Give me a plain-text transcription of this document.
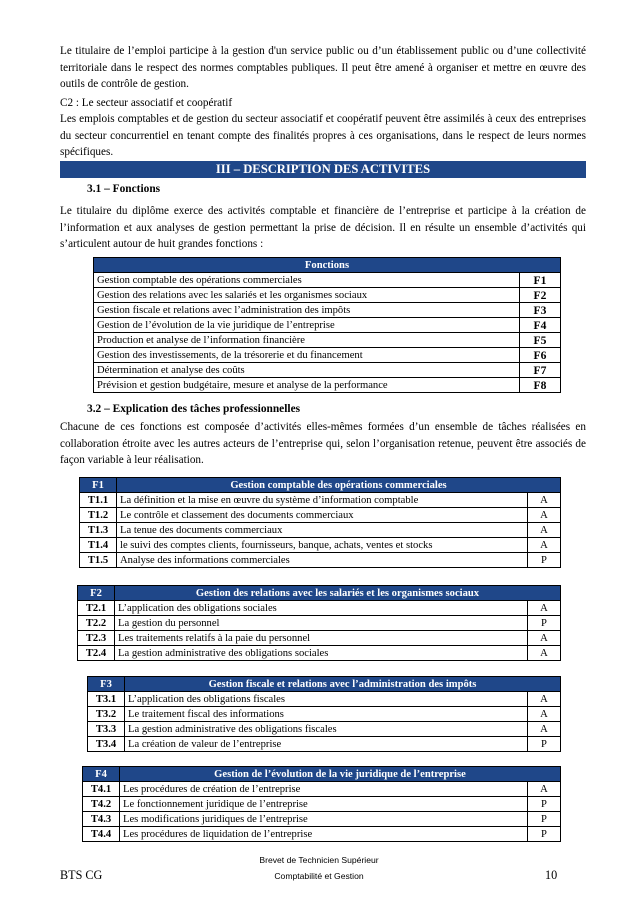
Le titulaire de l’emploi participe à la gestion d'un service public ou d’un établissement public ou d’une collectivité territoriale dans le respect des normes comptables publiques. Il peut être amené à organiser et mettre en œuvre des outils de contrôle de gestion.

C2 : Le secteur associatif et coopératif

Les emplois comptables et de gestion du secteur associatif et coopératif peuvent être assimilés à ceux des entreprises du secteur concurrentiel en tenant compte des finalités propres à ces organisations, dans le respect de leurs normes spécifiques.

III – DESCRIPTION DES ACTIVITES
3.1 – Fonctions

Le titulaire du diplôme exerce des activités comptable et financière de l’entreprise et participe à la création de l’information et aux analyses de gestion permettant la prise de décision. Il en résulte un ensemble d’activités qui s’articulent autour de huit grandes fonctions :

Fonctions	
Gestion comptable des opérations commerciales	F1
Gestion des relations avec les salariés et les organismes sociaux	F2
Gestion fiscale et relations avec l’administration des impôts	F3
Gestion de l’évolution de la vie juridique de l’entreprise	F4
Production et analyse de l’information financière	F5
Gestion des investissements, de la trésorerie et du financement	F6
Détermination et analyse des coûts	F7
Prévision et gestion budgétaire, mesure et analyse de la performance	F8
3.2 – Explication des tâches professionnelles

Chacune de ces fonctions est composée d’activités elles-mêmes formées d’un ensemble de tâches réalisées en collaboration étroite avec les autres acteurs de l’entreprise qui, selon l’organisation retenue, peuvent être associés de façon variable à leur réalisation.

F1	Gestion comptable des opérations commerciales	
T1.1	La définition et la mise en œuvre du système d’information comptable	A
T1.2	Le contrôle et classement des documents commerciaux	A
T1.3	La tenue des documents commerciaux	A
T1.4	le suivi des comptes clients, fournisseurs, banque, achats, ventes et stocks	A
T1.5	Analyse des informations commerciales	P
F2	Gestion des relations avec les salariés et les organismes sociaux	
T2.1	L’application des obligations sociales	A
T2.2	La gestion du personnel	P
T2.3	Les traitements relatifs à la paie du personnel	A
T2.4	La gestion administrative des obligations sociales	A
F3	Gestion fiscale et relations avec l’administration des impôts	
T3.1	L’application des obligations fiscales	A
T3.2	Le traitement fiscal des informations	A
T3.3	La gestion administrative des obligations fiscales	A
T3.4	La création de valeur de l’entreprise	P
F4	Gestion de l’évolution de la vie juridique de l’entreprise	
T4.1	Les procédures de création de l’entreprise	A
T4.2	Le fonctionnement juridique de l’entreprise	P
T4.3	Les modifications juridiques de l’entreprise	P
T4.4	Les procédures de liquidation de l’entreprise	P
BTS CG
Brevet de Technicien Supérieur
Comptabilité et Gestion	10
